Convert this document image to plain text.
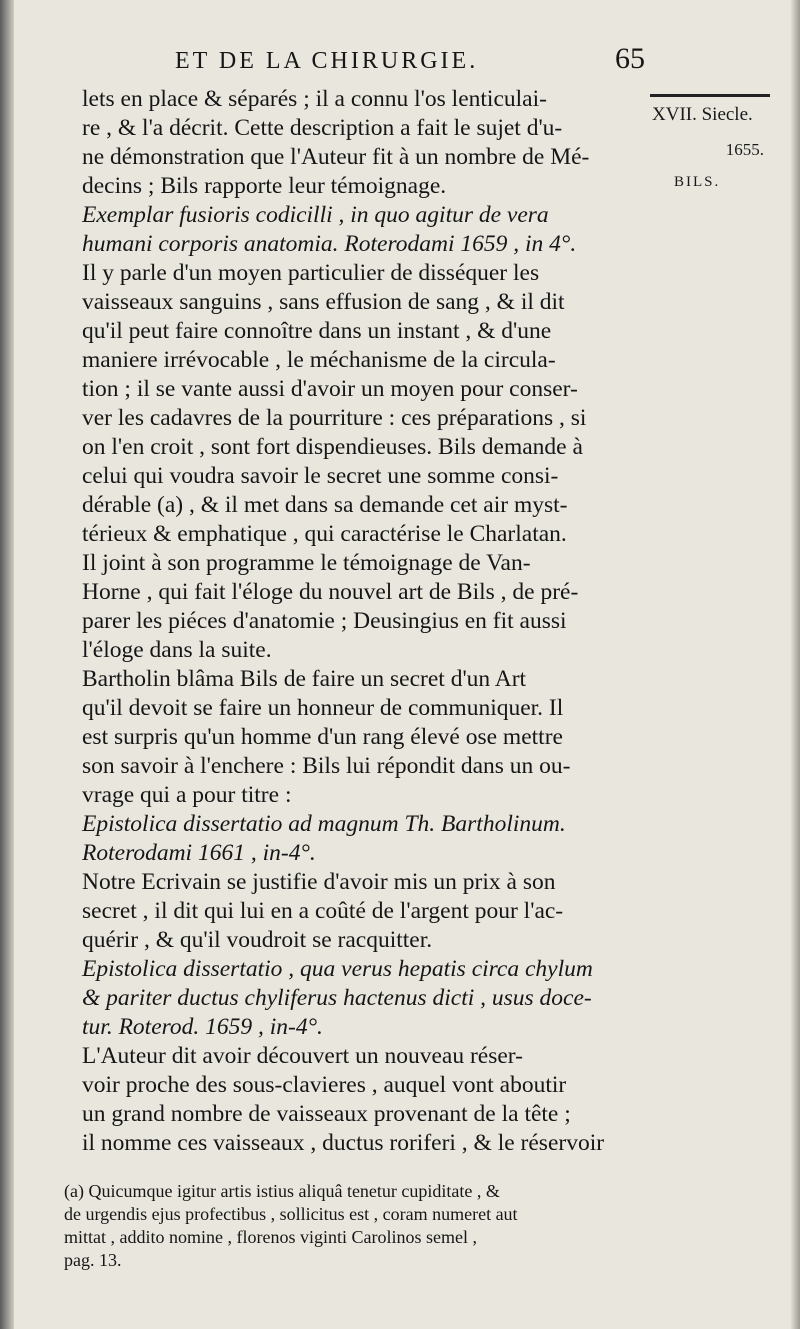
ET DE LA CHIRURGIE.	65
XVII. Siecle.
1655.
BILS.
lets en place & séparés ; il a connu l'os lenticulai-
re , & l'a décrit. Cette description a fait le sujet d'u-
ne démonstration que l'Auteur fit à un nombre de Mé-
decins ; Bils rapporte leur témoignage.
Exemplar fusioris codicilli , in quo agitur de vera
humani corporis anatomia. Roterodami 1659 , in 4°.
Il y parle d'un moyen particulier de disséquer les
vaisseaux sanguins , sans effusion de sang , & il dit
qu'il peut faire connoître dans un instant , & d'une
maniere irrévocable , le méchanisme de la circula-
tion ; il se vante aussi d'avoir un moyen pour conser-
ver les cadavres de la pourriture : ces préparations , si
on l'en croit , sont fort dispendieuses. Bils demande à
celui qui voudra savoir le secret une somme consi-
dérable (a) , & il met dans sa demande cet air myst-
térieux & emphatique , qui caractérise le Charlatan.
Il joint à son programme le témoignage de Van-
Horne , qui fait l'éloge du nouvel art de Bils , de pré-
parer les piéces d'anatomie ; Deusingius en fit aussi
l'éloge dans la suite.
Bartholin blâma Bils de faire un secret d'un Art
qu'il devoit se faire un honneur de communiquer. Il
est surpris qu'un homme d'un rang élevé ose mettre
son savoir à l'enchere : Bils lui répondit dans un ou-
vrage qui a pour titre :
Epistolica dissertatio ad magnum Th. Bartholinum.
Roterodami 1661 , in-4°.
Notre Ecrivain se justifie d'avoir mis un prix à son
secret , il dit qui lui en a coûté de l'argent pour l'ac-
quérir , & qu'il voudroit se racquitter.
Epistolica dissertatio , qua verus hepatis circa chylum
& pariter ductus chyliferus hactenus dicti , usus doce-
tur. Roterod. 1659 , in-4°.
L'Auteur dit avoir découvert un nouveau réser-
voir proche des sous-clavieres , auquel vont aboutir
un grand nombre de vaisseaux provenant de la tête ;
il nomme ces vaisseaux , ductus roriferi , & le réservoir
(a) Quicumque igitur artis istius aliquâ tenetur cupiditate , &
de urgendis ejus profectibus , sollicitus est , coram numeret aut
mittat , addito nomine , florenos viginti Carolinos semel ,
pag. 13.
